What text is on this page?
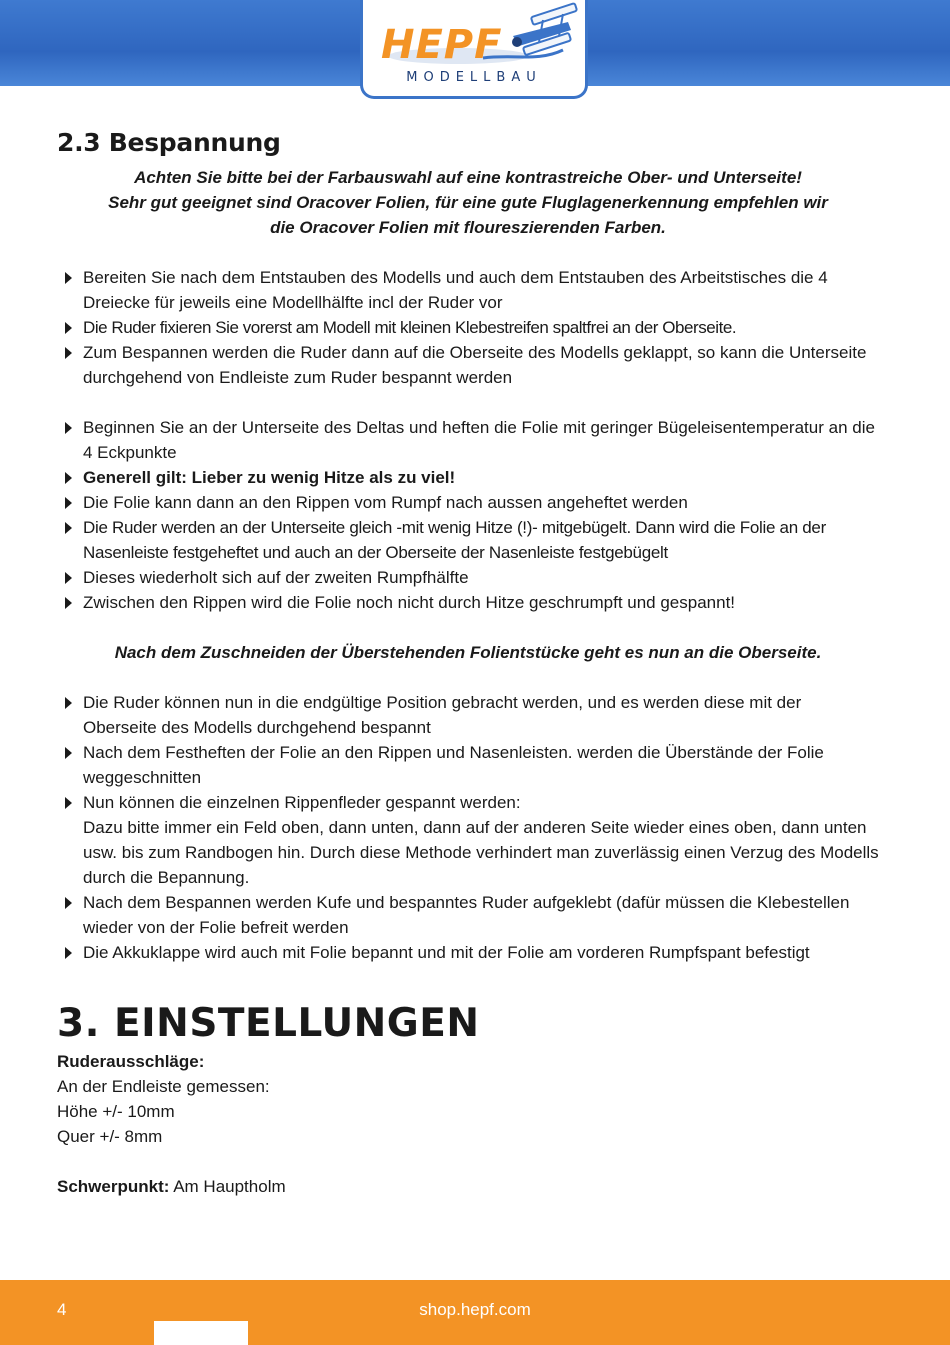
HEPF
MODELLBAU
2.3 Bespannung

Achten Sie bitte bei der Farbauswahl auf eine kontrastreiche Ober- und Unterseite!
Sehr gut geeignet sind Oracover Folien, für eine gute Fluglagenerkennung empfehlen wir
die Oracover Folien mit floureszierenden Farben.

Bereiten Sie nach dem Entstauben des Modells und auch dem Entstauben des Arbeitstisches die 4 Dreiecke für jeweils eine Modellhälfte incl der Ruder vor
Die Ruder fixieren Sie vorerst am Modell mit kleinen Klebestreifen spaltfrei an der Oberseite.
Zum Bespannen werden die Ruder dann auf die Oberseite des Modells geklappt, so kann die Unterseite durchgehend von Endleiste zum Ruder bespannt werden
Beginnen Sie an der Unterseite des Deltas und heften die Folie mit geringer Bügeleisentemperatur an die 4 Eckpunkte
Generell gilt: Lieber zu wenig Hitze als zu viel!
Die Folie kann dann an den Rippen vom Rumpf nach aussen angeheftet werden
Die Ruder werden an der Unterseite gleich -mit wenig Hitze (!)- mitgebügelt. Dann wird die Folie an der Nasenleiste festgeheftet und auch an der Oberseite der Nasenleiste festgebügelt
Dieses wiederholt sich auf der zweiten Rumpfhälfte
Zwischen den Rippen wird die Folie noch nicht durch Hitze geschrumpft und gespannt!

Nach dem Zuschneiden der Überstehenden Folientstücke geht es nun an die Oberseite.

Die Ruder können nun in die endgültige Position gebracht werden, und es werden diese mit der Oberseite des Modells durchgehend bespannt
Nach dem Festheften der Folie an den Rippen und Nasenleisten. werden die Überstände der Folie weggeschnitten
Nun können die einzelnen Rippenfleder gespannt werden:
Dazu bitte immer ein Feld oben, dann unten, dann auf der anderen Seite wieder eines oben, dann unten usw. bis zum Randbogen hin. Durch diese Methode verhindert man zuverlässig einen Verzug des Modells durch die Bepannung.
Nach dem Bespannen werden Kufe und bespanntes Ruder aufgeklebt (dafür müssen die Klebestellen wieder von der Folie befreit werden
Die Akkuklappe wird auch mit Folie bepannt und mit der Folie am vorderen Rumpfspant befestigt
3. EINSTELLUNGEN
Ruderausschläge:
An der Endleiste gemessen:
Höhe +/- 10mm
Quer +/- 8mm
Schwerpunkt: Am Hauptholm
4	shop.hepf.com
